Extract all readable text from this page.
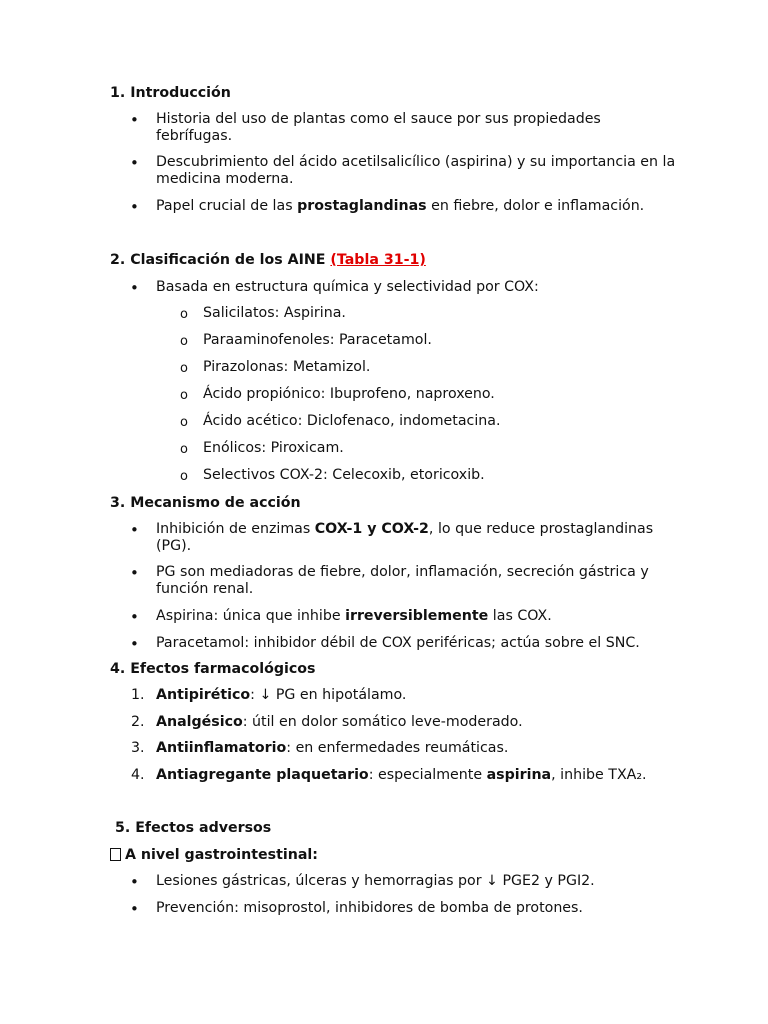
1. Introducción
• Historia del uso de plantas como el sauce por sus propiedades febrífugas.
• Descubrimiento del ácido acetilsalicílico (aspirina) y su importancia en la medicina moderna.
• Papel crucial de las prostaglandinas en fiebre, dolor e inflamación.
2. Clasificación de los AINE (Tabla 31-1)
• Basada en estructura química y selectividad por COX:
o Salicilatos: Aspirina.
o Paraaminofenoles: Paracetamol.
o Pirazolonas: Metamizol.
o Ácido propiónico: Ibuprofeno, naproxeno.
o Ácido acético: Diclofenaco, indometacina.
o Enólicos: Piroxicam.
o Selectivos COX-2: Celecoxib, etoricoxib.
3. Mecanismo de acción
• Inhibición de enzimas COX-1 y COX-2, lo que reduce prostaglandinas (PG).
• PG son mediadoras de fiebre, dolor, inflamación, secreción gástrica y función renal.
• Aspirina: única que inhibe irreversiblemente las COX.
• Paracetamol: inhibidor débil de COX periféricas; actúa sobre el SNC.
4. Efectos farmacológicos
1. Antipirético: ↓ PG en hipotálamo.
2. Analgésico: útil en dolor somático leve-moderado.
3. Antiinflamatorio: en enfermedades reumáticas.
4. Antiagregante plaquetario: especialmente aspirina, inhibe TXA₂.
5. Efectos adversos
A nivel gastrointestinal:
• Lesiones gástricas, úlceras y hemorragias por ↓ PGE2 y PGI2.
• Prevención: misoprostol, inhibidores de bomba de protones.
